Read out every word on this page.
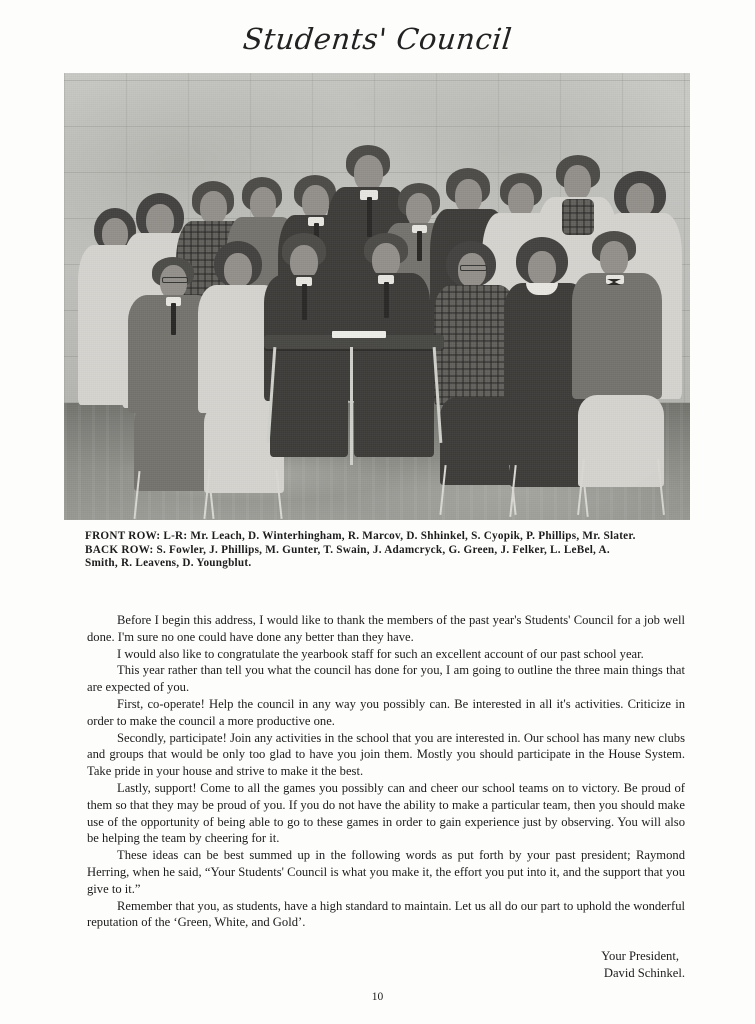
Students' Council
FRONT ROW: L-R: Mr. Leach, D. Winterhingham, R. Marcov, D. Shhinkel, S. Cyopik, P. Phillips, Mr. Slater.
BACK ROW: S. Fowler, J. Phillips, M. Gunter, T. Swain, J. Adamcryck, G. Green, J. Felker, L. LeBel, A.
Smith, R. Leavens, D. Youngblut.

Before I begin this address, I would like to thank the members of the past year's Students' Council for a job well done. I'm sure no one could have done any better than they have.

I would also like to congratulate the yearbook staff for such an excellent account of our past school year.

This year rather than tell you what the council has done for you, I am going to outline the three main things that are expected of you.

First, co-operate! Help the council in any way you possibly can. Be interested in all it's activities. Criticize in order to make the council a more productive one.

Secondly, participate! Join any activities in the school that you are interested in. Our school has many new clubs and groups that would be only too glad to have you join them. Mostly you should participate in the House System. Take pride in your house and strive to make it the best.

Lastly, support! Come to all the games you possibly can and cheer our school teams on to victory. Be proud of them so that they may be proud of you. If you do not have the ability to make a particular team, then you should make use of the opportunity of being able to go to these games in order to gain experience just by observing. You will also be helping the team by cheering for it.

These ideas can be best summed up in the following words as put forth by your past president; Raymond Herring, when he said, “Your Students' Council is what you make it, the effort you put into it, and the support that you give to it.”

Remember that you, as students, have a high standard to maintain. Let us all do our part to uphold the wonderful reputation of the ‘Green, White, and Gold’.

Your President,
David Schinkel.
10
